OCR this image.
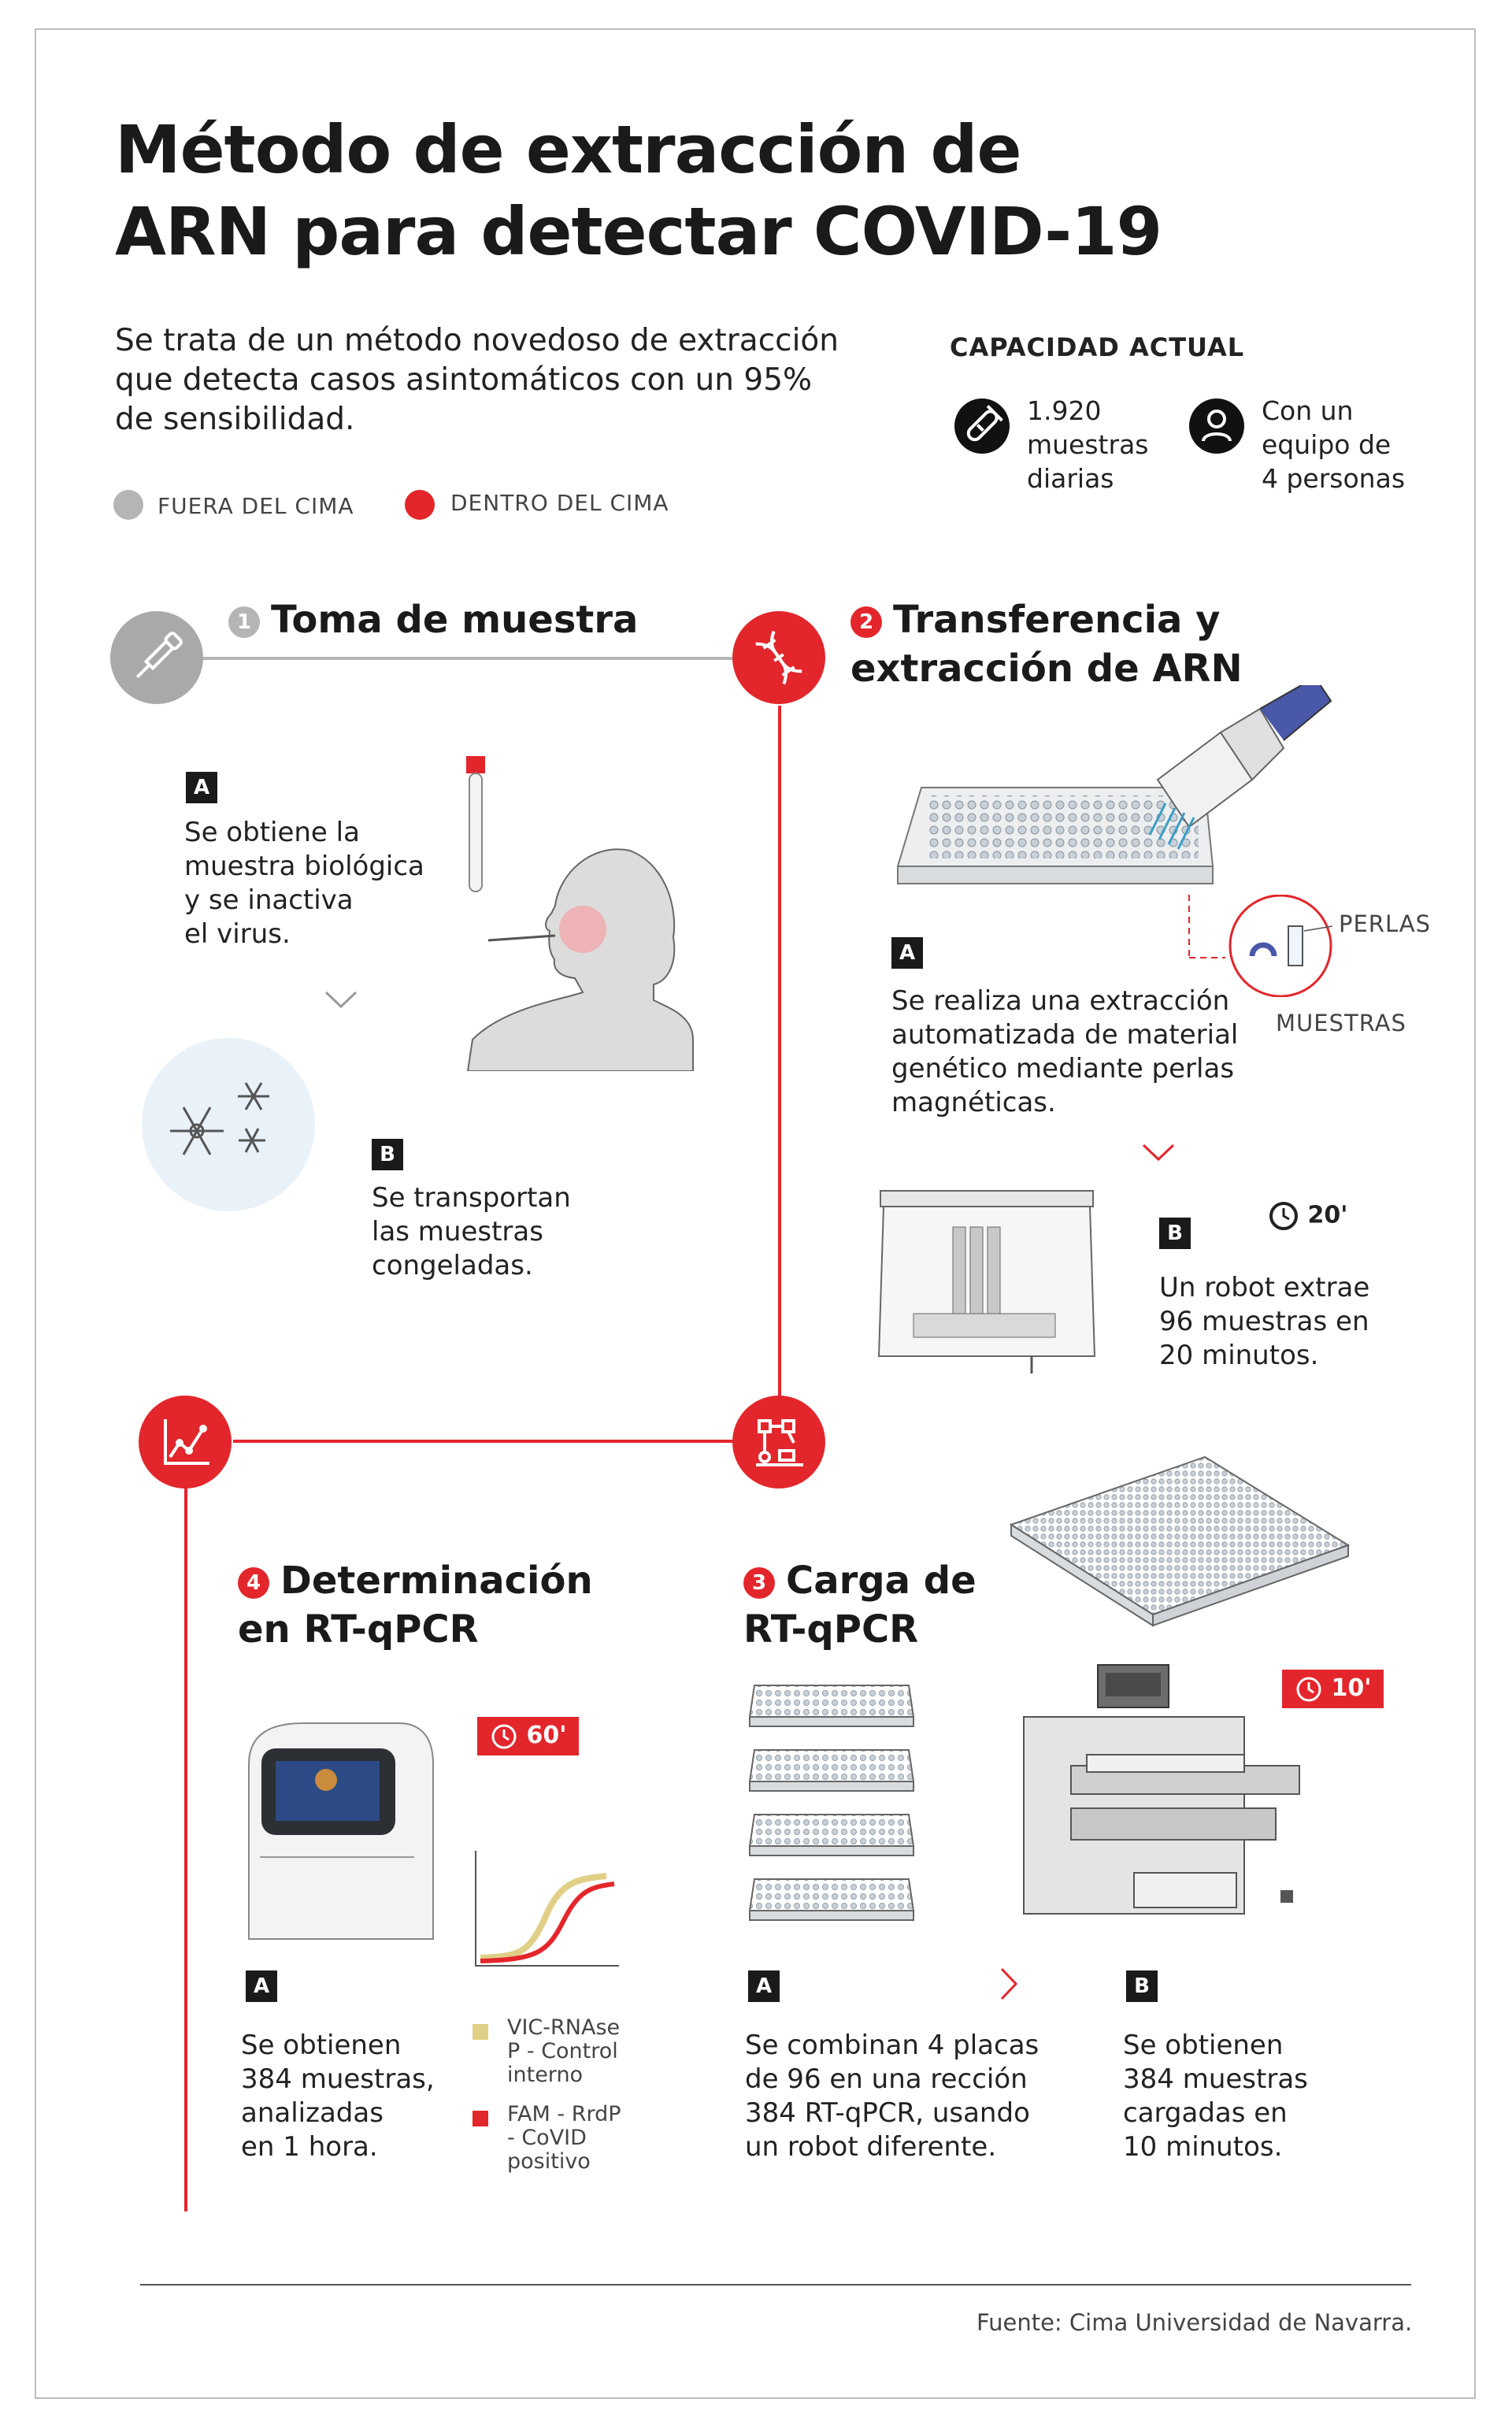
Método de extracción de
ARN para detectar COVID-19
Se trata de un método novedoso de extracción
que detecta casos asintomáticos con un 95%
de sensibilidad.
FUERA DEL CIMA	DENTRO DEL CIMA
CAPACIDAD ACTUAL
1.920
muestras
diarias
Con un
equipo de
4 personas
1 Toma de muestra
A
Se obtiene la
muestra biológica
y se inactiva
el virus.
B
Se transportan
las muestras
congeladas.
2 Transferencia y
extracción de ARN
PERLAS
MUESTRAS
A
Se realiza una extracción
automatizada de material
genético mediante perlas
magnéticas.
B
20'
Un robot extrae
96 muestras en
20 minutos.
4 Determinación
en RT-qPCR
60'
VIC-RNAse
P - Control
interno
FAM - RrdP
- CoVID
positivo
A
Se obtienen
384 muestras,
analizadas
en 1 hora.
3 Carga de
RT-qPCR
10'
A
Se combinan 4 placas
de 96 en una rección
384 RT-qPCR, usando
un robot diferente.
B
Se obtienen
384 muestras
cargadas en
10 minutos.
Fuente: Cima Universidad de Navarra.
